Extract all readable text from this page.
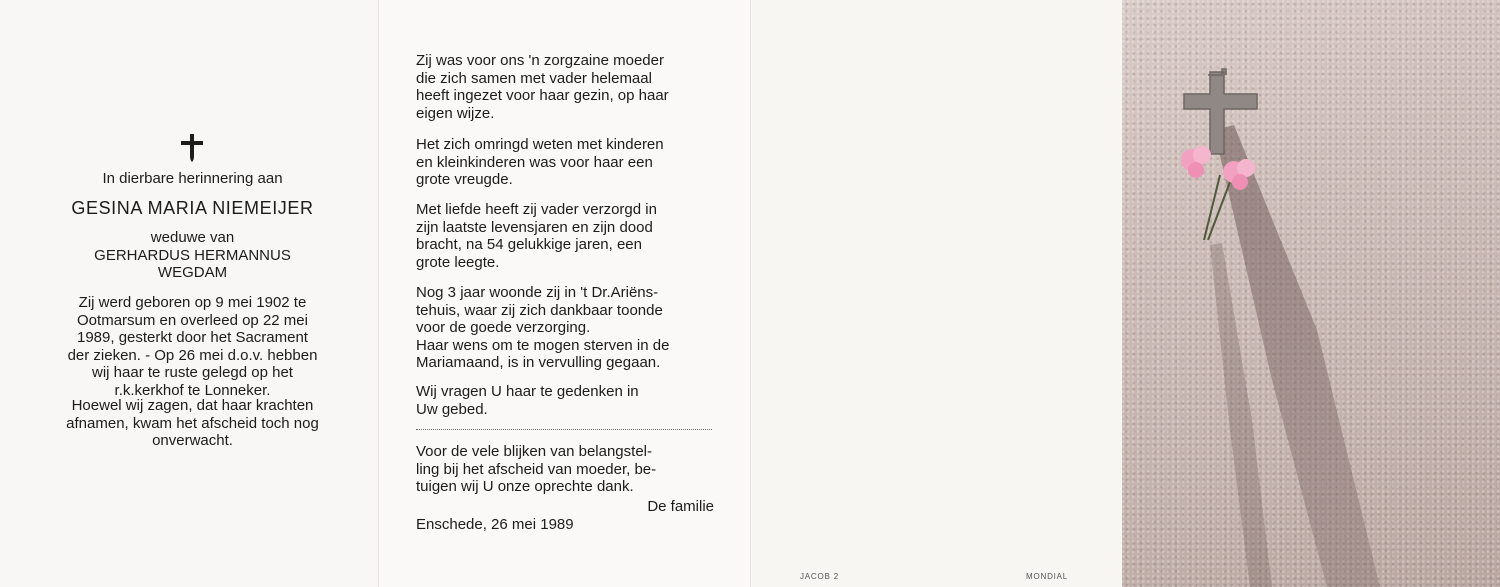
In dierbare herinnering aan
GESINA MARIA NIEMEIJER
weduwe van
GERHARDUS HERMANNUS
WEGDAM
Zij werd geboren op 9 mei 1902 te
Ootmarsum en overleed op 22 mei
1989, gesterkt door het Sacrament
der zieken. - Op 26 mei d.o.v. hebben
wij haar te ruste gelegd op het
r.k.kerkhof te Lonneker.
Hoewel wij zagen, dat haar krachten
afnamen, kwam het afscheid toch nog
onverwacht.
Zij was voor ons 'n zorgzaine moeder
die zich samen met vader helemaal
heeft ingezet voor haar gezin, op haar
eigen wijze.
Het zich omringd weten met kinderen
en kleinkinderen was voor haar een
grote vreugde.
Met liefde heeft zij vader verzorgd in
zijn laatste levensjaren en zijn dood
bracht, na 54 gelukkige jaren, een
grote leegte.
Nog 3 jaar woonde zij in 't Dr.Ariëns-
tehuis, waar zij zich dankbaar toonde
voor de goede verzorging.
Haar wens om te mogen sterven in de
Mariamaand, is in vervulling gegaan.
Wij vragen U haar te gedenken in
Uw gebed.
Voor de vele blijken van belangstel-
ling bij het afscheid van moeder, be-
tuigen wij U onze oprechte dank.
De familie
Enschede, 26 mei 1989
JACOB 2	MONDIAL
